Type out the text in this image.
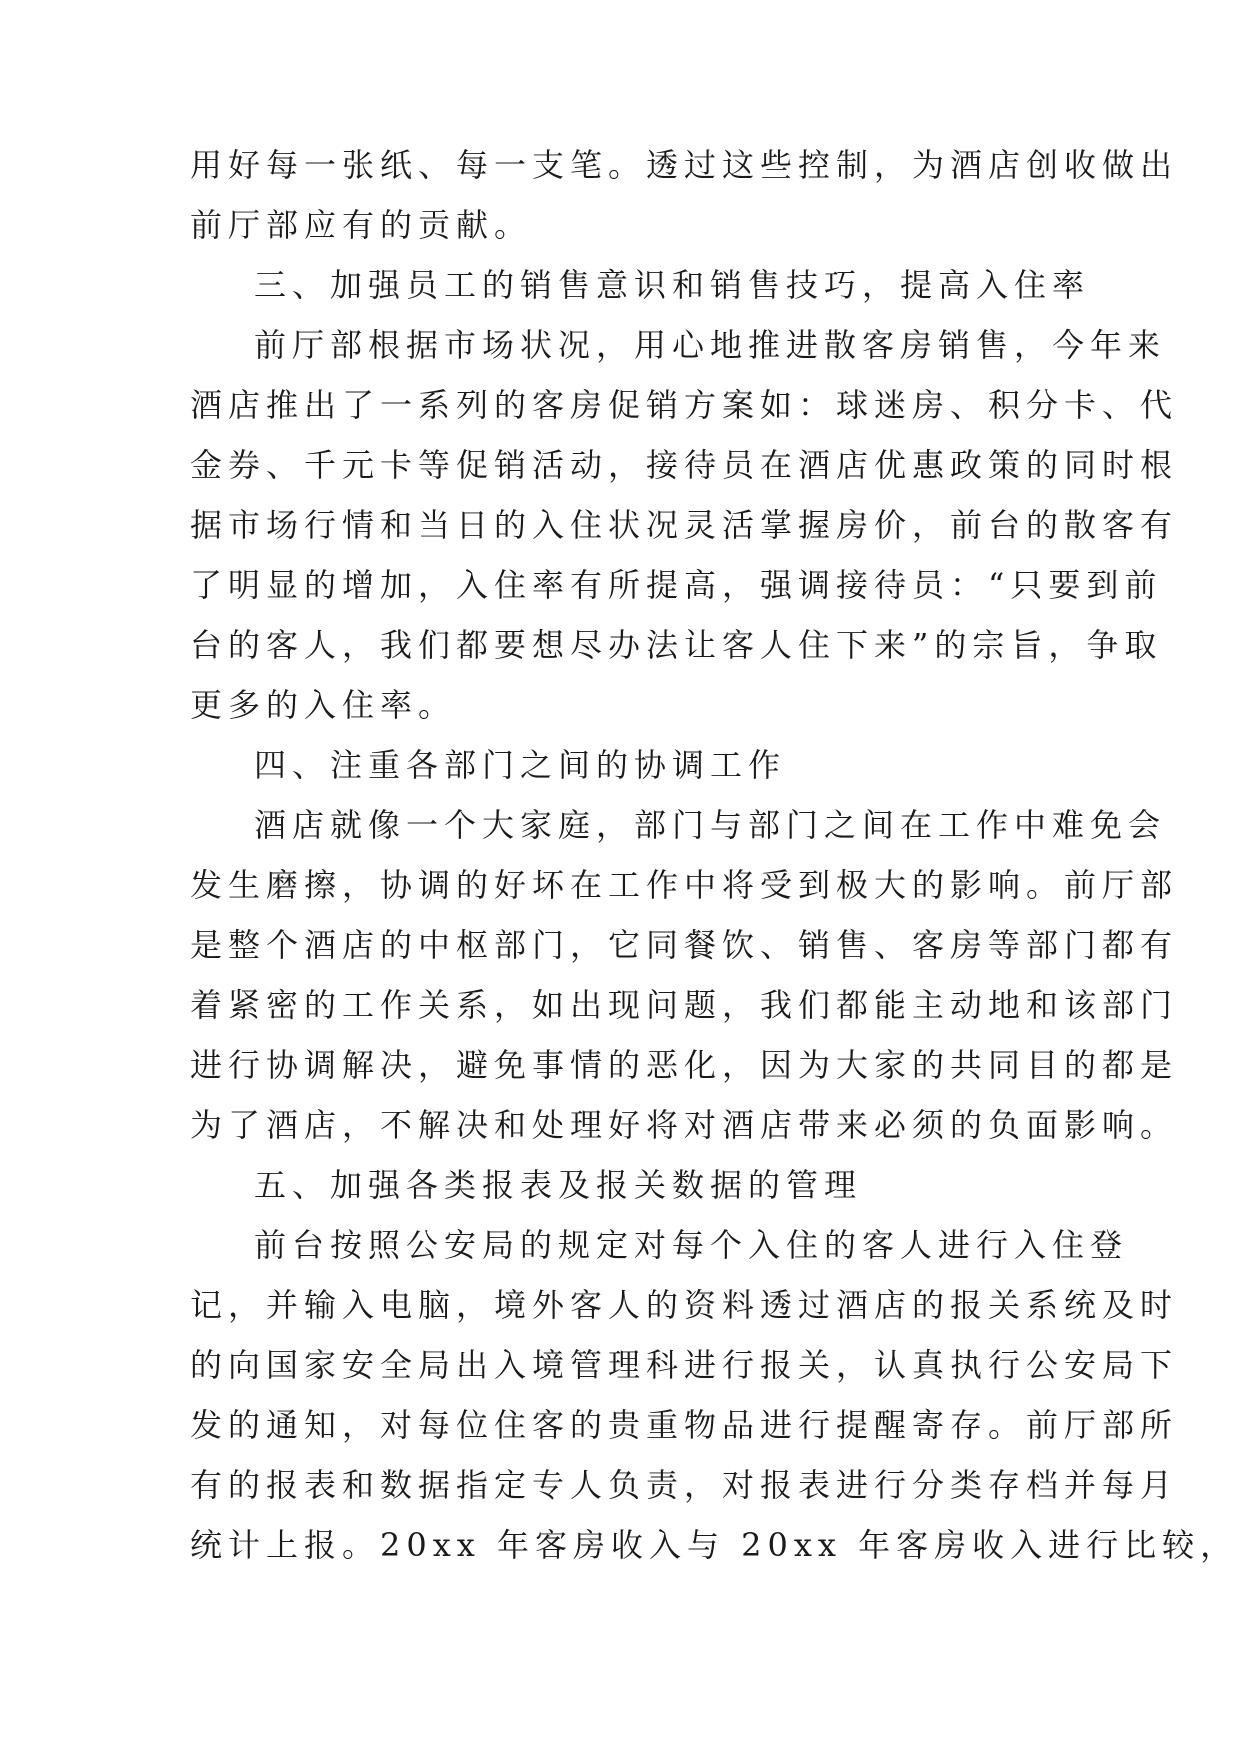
用好每一张纸、每一支笔。透过这些控制，为酒店创收做出
前厅部应有的贡献。
三、加强员工的销售意识和销售技巧，提高入住率
前厅部根据市场状况，用心地推进散客房销售，今年来
酒店推出了一系列的客房促销方案如：球迷房、积分卡、代
金券、千元卡等促销活动，接待员在酒店优惠政策的同时根
据市场行情和当日的入住状况灵活掌握房价，前台的散客有
了明显的增加，入住率有所提高，强调接待员：“只要到前
台的客人，我们都要想尽办法让客人住下来”的宗旨，争取
更多的入住率。
四、注重各部门之间的协调工作
酒店就像一个大家庭，部门与部门之间在工作中难免会
发生磨擦，协调的好坏在工作中将受到极大的影响。前厅部
是整个酒店的中枢部门，它同餐饮、销售、客房等部门都有
着紧密的工作关系，如出现问题，我们都能主动地和该部门
进行协调解决，避免事情的恶化，因为大家的共同目的都是
为了酒店，不解决和处理好将对酒店带来必须的负面影响。
五、加强各类报表及报关数据的管理
前台按照公安局的规定对每个入住的客人进行入住登
记，并输入电脑，境外客人的资料透过酒店的报关系统及时
的向国家安全局出入境管理科进行报关，认真执行公安局下
发的通知，对每位住客的贵重物品进行提醒寄存。前厅部所
有的报表和数据指定专人负责，对报表进行分类存档并每月
统计上报。20xx 年客房收入与 20xx 年客房收入进行比较，
